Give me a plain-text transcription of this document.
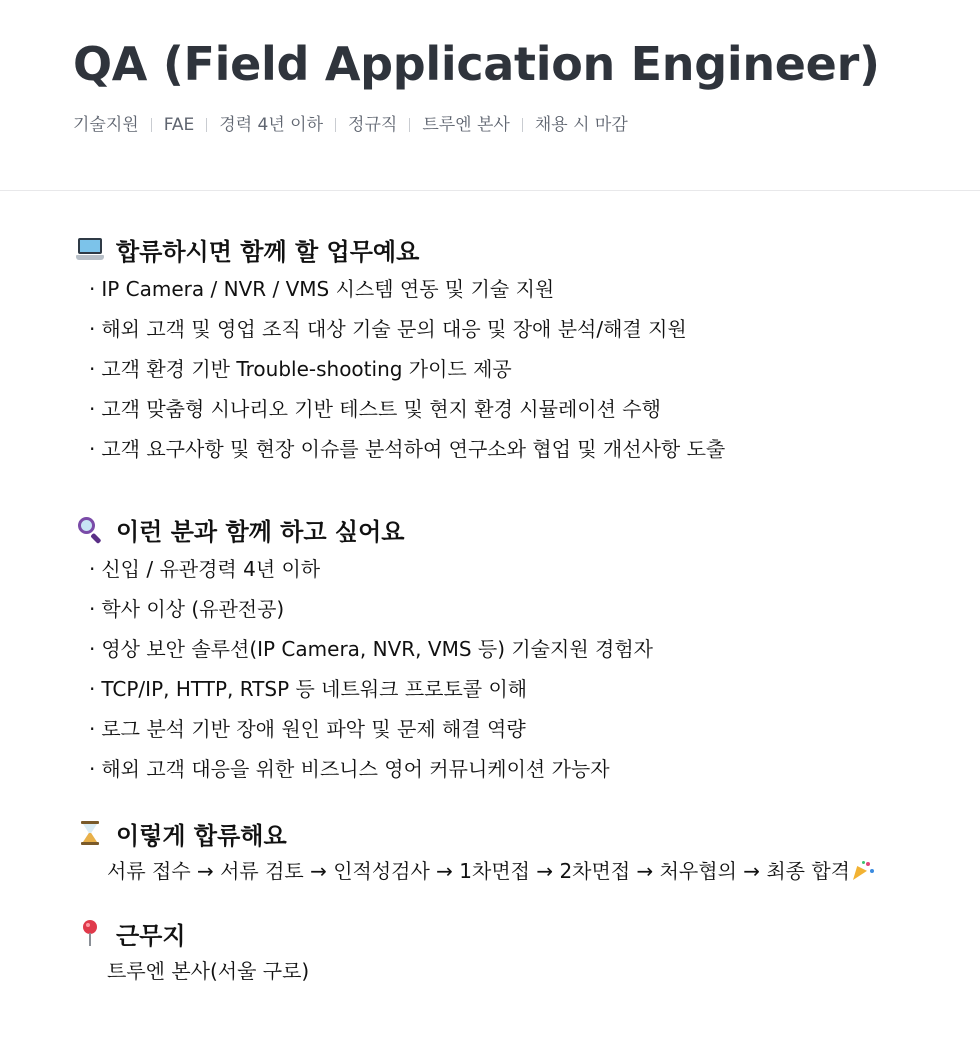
QA (Field Application Engineer)
기술지원 FAE 경력 4년 이하 정규직 트루엔 본사 채용 시 마감
합류하시면 함께 할 업무예요
· IP Camera / NVR / VMS 시스템 연동 및 기술 지원
· 해외 고객 및 영업 조직 대상 기술 문의 대응 및 장애 분석/해결 지원
· 고객 환경 기반 Trouble-shooting 가이드 제공
· 고객 맞춤형 시나리오 기반 테스트 및 현지 환경 시뮬레이션 수행
· 고객 요구사항 및 현장 이슈를 분석하여 연구소와 협업 및 개선사항 도출
이런 분과 함께 하고 싶어요
· 신입 / 유관경력 4년 이하
· 학사 이상 (유관전공)
· 영상 보안 솔루션(IP Camera, NVR, VMS 등) 기술지원 경험자
· TCP/IP, HTTP, RTSP 등 네트워크 프로토콜 이해
· 로그 분석 기반 장애 원인 파악 및 문제 해결 역량
· 해외 고객 대응을 위한 비즈니스 영어 커뮤니케이션 가능자
이렇게 합류해요
서류 접수 → 서류 검토 → 인적성검사 → 1차면접 → 2차면접 → 처우협의 → 최종 합격
근무지
트루엔 본사(서울 구로)
